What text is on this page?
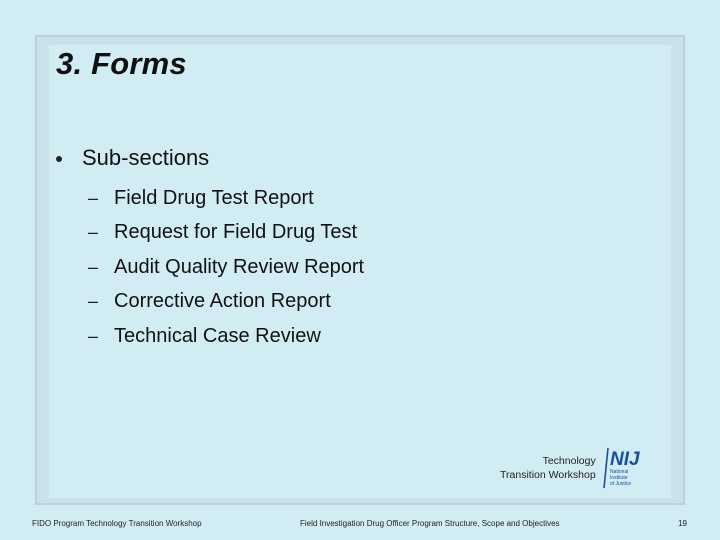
3. Forms
Sub-sections
– Field Drug Test Report
– Request for Field Drug Test
– Audit Quality Review Report
– Corrective Action Report
– Technical Case Review
Technology
Transition Workshop
NIJ
National
Institute
of Justice
FIDO Program Technology Transition Workshop	Field Investigation Drug Officer Program Structure, Scope and Objectives	19
